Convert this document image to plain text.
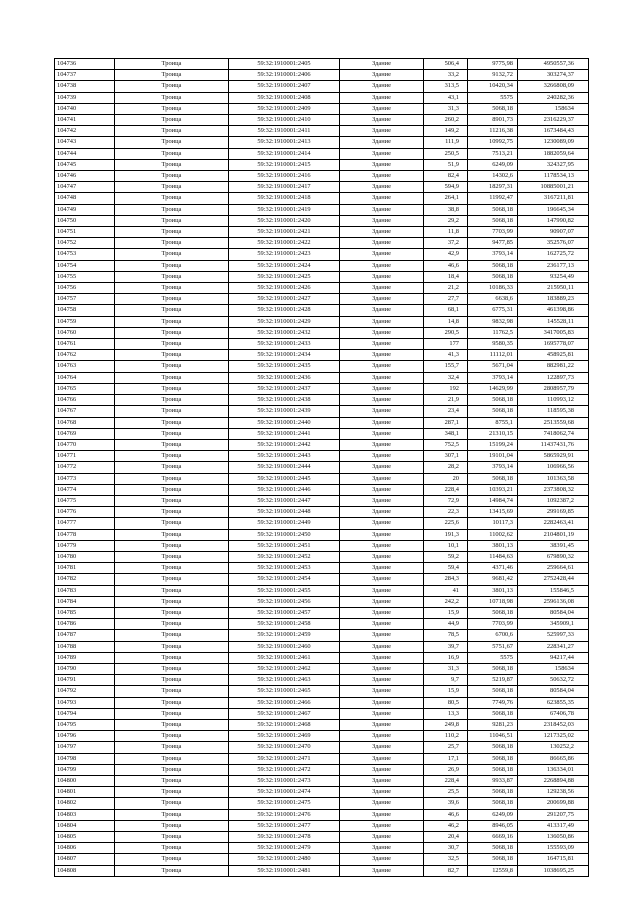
104736	Троица	59:32:1910001:2405	Здание	506,4	9775,98	4950557,36
104737	Троица	59:32:1910001:2406	Здание	33,2	9132,72	303274,37
104738	Троица	59:32:1910001:2407	Здание	313,5	10420,34	3266808,09
104739	Троица	59:32:1910001:2408	Здание	43,1	5575	240282,36
104740	Троица	59:32:1910001:2409	Здание	31,3	5068,18	158634
104741	Троица	59:32:1910001:2410	Здание	260,2	8901,73	2316229,37
104742	Троица	59:32:1910001:2411	Здание	149,2	11216,38	1673484,43
104743	Троица	59:32:1910001:2413	Здание	111,9	10992,75	1230089,09
104744	Троица	59:32:1910001:2414	Здание	250,5	7513,21	1882059,64
104745	Троица	59:32:1910001:2415	Здание	51,9	6249,09	324327,95
104746	Троица	59:32:1910001:2416	Здание	82,4	14302,6	1178534,13
104747	Троица	59:32:1910001:2417	Здание	594,9	18297,31	10885001,21
104748	Троица	59:32:1910001:2418	Здание	264,1	11992,47	3167211,81
104749	Троица	59:32:1910001:2419	Здание	38,8	5068,18	196645,34
104750	Троица	59:32:1910001:2420	Здание	29,2	5068,18	147990,82
104751	Троица	59:32:1910001:2421	Здание	11,8	7703,99	90907,07
104752	Троица	59:32:1910001:2422	Здание	37,2	9477,85	352576,07
104753	Троица	59:32:1910001:2423	Здание	42,9	3793,14	162725,72
104754	Троица	59:32:1910001:2424	Здание	46,6	5068,18	236177,13
104755	Троица	59:32:1910001:2425	Здание	18,4	5068,18	93254,49
104756	Троица	59:32:1910001:2426	Здание	21,2	10186,33	215950,11
104757	Троица	59:32:1910001:2427	Здание	27,7	6638,6	183889,23
104758	Троица	59:32:1910001:2428	Здание	68,1	6775,31	461398,86
104759	Троица	59:32:1910001:2429	Здание	14,8	9832,98	145528,11
104760	Троица	59:32:1910001:2432	Здание	290,5	11762,5	3417005,83
104761	Троица	59:32:1910001:2433	Здание	177	9580,35	1695778,07
104762	Троица	59:32:1910001:2434	Здание	41,3	11112,01	458925,81
104763	Троица	59:32:1910001:2435	Здание	155,7	5671,04	882981,22
104764	Троица	59:32:1910001:2436	Здание	32,4	3793,14	122897,73
104765	Троица	59:32:1910001:2437	Здание	192	14629,99	2808957,79
104766	Троица	59:32:1910001:2438	Здание	21,9	5068,18	110993,12
104767	Троица	59:32:1910001:2439	Здание	23,4	5068,18	118595,38
104768	Троица	59:32:1910001:2440	Здание	287,1	8755,1	2513559,68
104769	Троица	59:32:1910001:2441	Здание	348,1	21310,15	7418062,74
104770	Троица	59:32:1910001:2442	Здание	752,5	15199,24	11437431,76
104771	Троица	59:32:1910001:2443	Здание	307,1	19101,04	5865929,91
104772	Троица	59:32:1910001:2444	Здание	28,2	3793,14	106966,56
104773	Троица	59:32:1910001:2445	Здание	20	5068,18	101363,58
104774	Троица	59:32:1910001:2446	Здание	228,4	10393,21	2373808,32
104775	Троица	59:32:1910001:2447	Здание	72,9	14984,74	1092387,2
104776	Троица	59:32:1910001:2448	Здание	22,3	13415,69	299169,85
104777	Троица	59:32:1910001:2449	Здание	225,6	10117,3	2282463,41
104778	Троица	59:32:1910001:2450	Здание	191,3	11002,62	2104801,19
104779	Троица	59:32:1910001:2451	Здание	10,1	3801,13	38391,45
104780	Троица	59:32:1910001:2452	Здание	59,2	11484,63	679890,32
104781	Троица	59:32:1910001:2453	Здание	59,4	4371,46	259664,61
104782	Троица	59:32:1910001:2454	Здание	284,3	9681,42	2752428,44
104783	Троица	59:32:1910001:2455	Здание	41	3801,13	155846,5
104784	Троица	59:32:1910001:2456	Здание	242,2	10718,98	2596136,08
104785	Троица	59:32:1910001:2457	Здание	15,9	5068,18	80584,04
104786	Троица	59:32:1910001:2458	Здание	44,9	7703,99	345909,1
104787	Троица	59:32:1910001:2459	Здание	78,5	6700,6	525997,33
104788	Троица	59:32:1910001:2460	Здание	39,7	5751,67	228341,27
104789	Троица	59:32:1910001:2461	Здание	16,9	5575	94217,44
104790	Троица	59:32:1910001:2462	Здание	31,3	5068,18	158634
104791	Троица	59:32:1910001:2463	Здание	9,7	5219,87	50632,72
104792	Троица	59:32:1910001:2465	Здание	15,9	5068,18	80584,04
104793	Троица	59:32:1910001:2466	Здание	80,5	7749,76	623855,35
104794	Троица	59:32:1910001:2467	Здание	13,3	5068,18	67406,78
104795	Троица	59:32:1910001:2468	Здание	249,8	9281,23	2318452,03
104796	Троица	59:32:1910001:2469	Здание	110,2	11046,51	1217325,02
104797	Троица	59:32:1910001:2470	Здание	25,7	5068,18	130252,2
104798	Троица	59:32:1910001:2471	Здание	17,1	5068,18	86665,86
104799	Троица	59:32:1910001:2472	Здание	26,9	5068,18	136334,01
104800	Троица	59:32:1910001:2473	Здание	228,4	9933,87	2268894,88
104801	Троица	59:32:1910001:2474	Здание	25,5	5068,18	129238,56
104802	Троица	59:32:1910001:2475	Здание	39,6	5068,18	200699,88
104803	Троица	59:32:1910001:2476	Здание	46,6	6249,09	291207,75
104804	Троица	59:32:1910001:2477	Здание	46,2	8946,05	413317,49
104805	Троица	59:32:1910001:2478	Здание	20,4	6669,16	136050,86
104806	Троица	59:32:1910001:2479	Здание	30,7	5068,18	155593,09
104807	Троица	59:32:1910001:2480	Здание	32,5	5068,18	164715,81
104808	Троица	59:32:1910001:2481	Здание	82,7	12559,8	1038695,25
